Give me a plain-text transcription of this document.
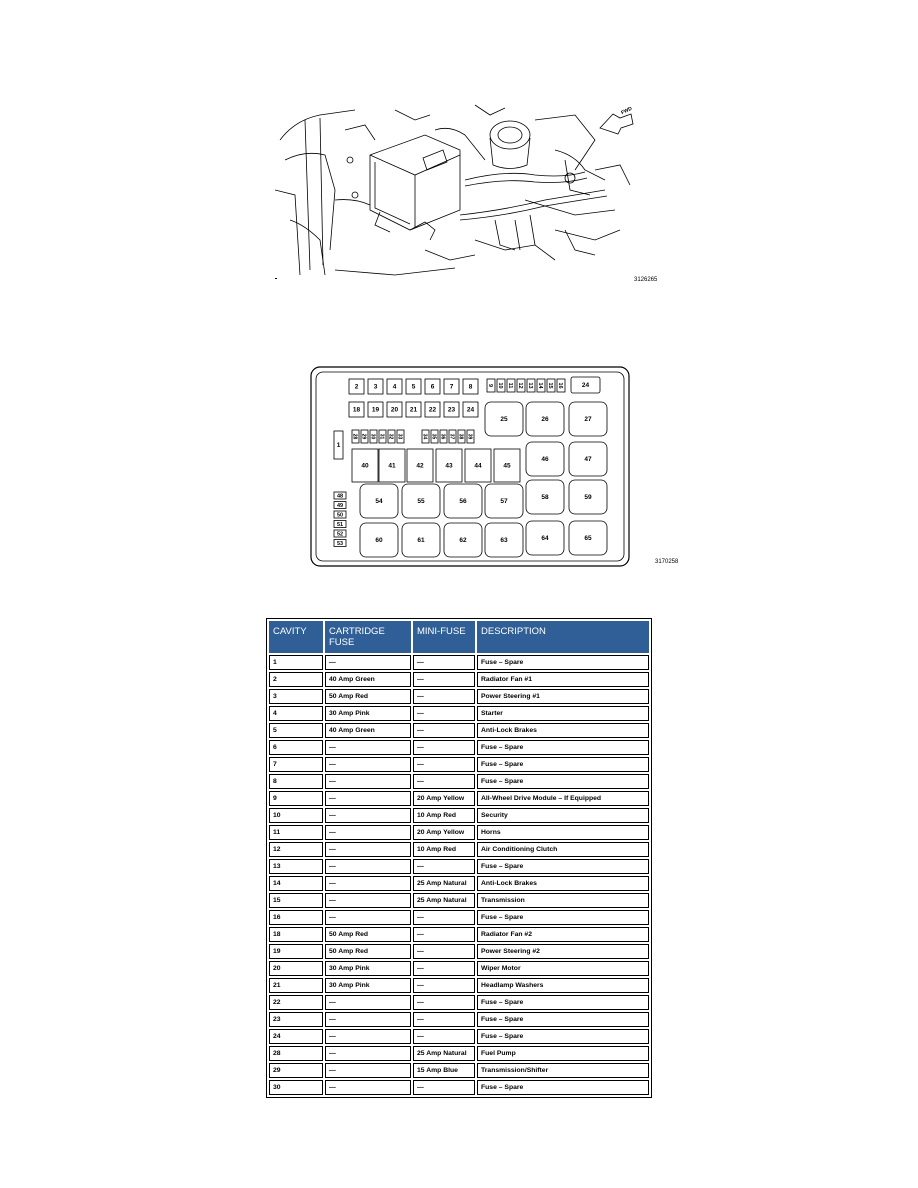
FWD
3126265
2 3 4 5 6 7 8	9 10 11 12 13 14 15 16	24
18 19 20 21 22 23 24
28 29 30 31 32 33	34 35 36 37 38 39
1
40	41	42	43	44	45
25
46
58
64
27
47
59
65
26
48
49
50
51
52
53
54	55	56	57
60	61	62	63
3170258
CAVITY	CARTRIDGE FUSE	MINI-FUSE	DESCRIPTION
1	—	—	Fuse – Spare
2	40 Amp Green	—	Radiator Fan #1
3	50 Amp Red	—	Power Steering #1
4	30 Amp Pink	—	Starter
5	40 Amp Green	—	Anti-Lock Brakes
6	—	—	Fuse – Spare
7	—	—	Fuse – Spare
8	—	—	Fuse – Spare
9	—	20 Amp Yellow	All-Wheel Drive Module – If Equipped
10	—	10 Amp Red	Security
11	—	20 Amp Yellow	Horns
12	—	10 Amp Red	Air Conditioning Clutch
13	—	—	Fuse – Spare
14	—	25 Amp Natural	Anti-Lock Brakes
15	—	25 Amp Natural	Transmission
16	—	—	Fuse – Spare
18	50 Amp Red	—	Radiator Fan #2
19	50 Amp Red	—	Power Steering #2
20	30 Amp Pink	—	Wiper Motor
21	30 Amp Pink	—	Headlamp Washers
22	—	—	Fuse – Spare
23	—	—	Fuse – Spare
24	—	—	Fuse – Spare
28	—	25 Amp Natural	Fuel Pump
29	—	15 Amp Blue	Transmission/Shifter
30	—	—	Fuse – Spare
